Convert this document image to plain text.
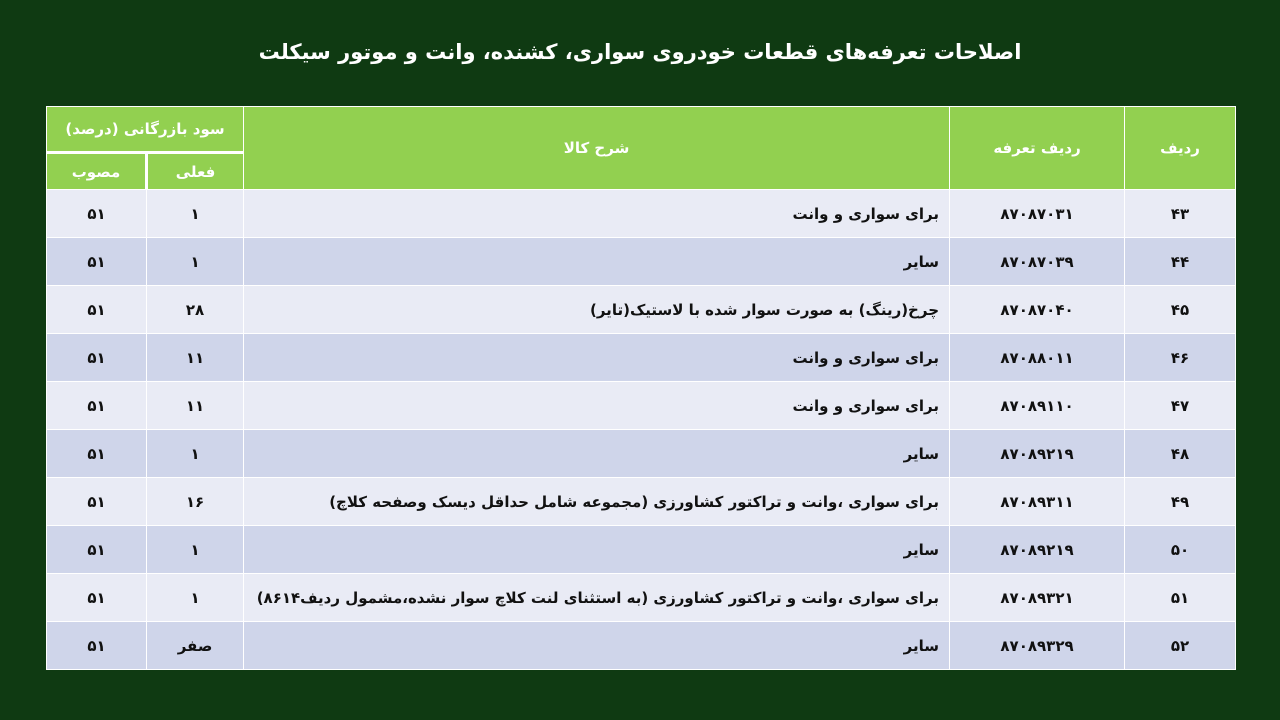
اصلاحات تعرفه‌های قطعات خودروی سواری، کشنده، وانت و موتور سیکلت
ردیف	ردیف تعرفه	شرح کالا	سود بازرگانی (درصد)	
			فعلی	مصوب
۴۳	۸۷۰۸۷۰۳۱	برای سواری و وانت	۱	۵۱
۴۴	۸۷۰۸۷۰۳۹	سایر	۱	۵۱
۴۵	۸۷۰۸۷۰۴۰	چرخ(رینگ) به صورت سوار شده با لاستیک(تایر)	۲۸	۵۱
۴۶	۸۷۰۸۸۰۱۱	برای سواری و وانت	۱۱	۵۱
۴۷	۸۷۰۸۹۱۱۰	برای سواری و وانت	۱۱	۵۱
۴۸	۸۷۰۸۹۲۱۹	سایر	۱	۵۱
۴۹	۸۷۰۸۹۳۱۱	برای سواری ،وانت و تراکتور کشاورزی (مجموعه شامل حداقل دیسک وصفحه کلاچ)	۱۶	۵۱
۵۰	۸۷۰۸۹۲۱۹	سایر	۱	۵۱
۵۱	۸۷۰۸۹۳۲۱	برای سواری ،وانت و تراکتور کشاورزی (به استثنای لنت کلاچ سوار نشده،مشمول ردیف۸۶۱۴)	۱	۵۱
۵۲	۸۷۰۸۹۳۲۹	سایر	صفر	۵۱
